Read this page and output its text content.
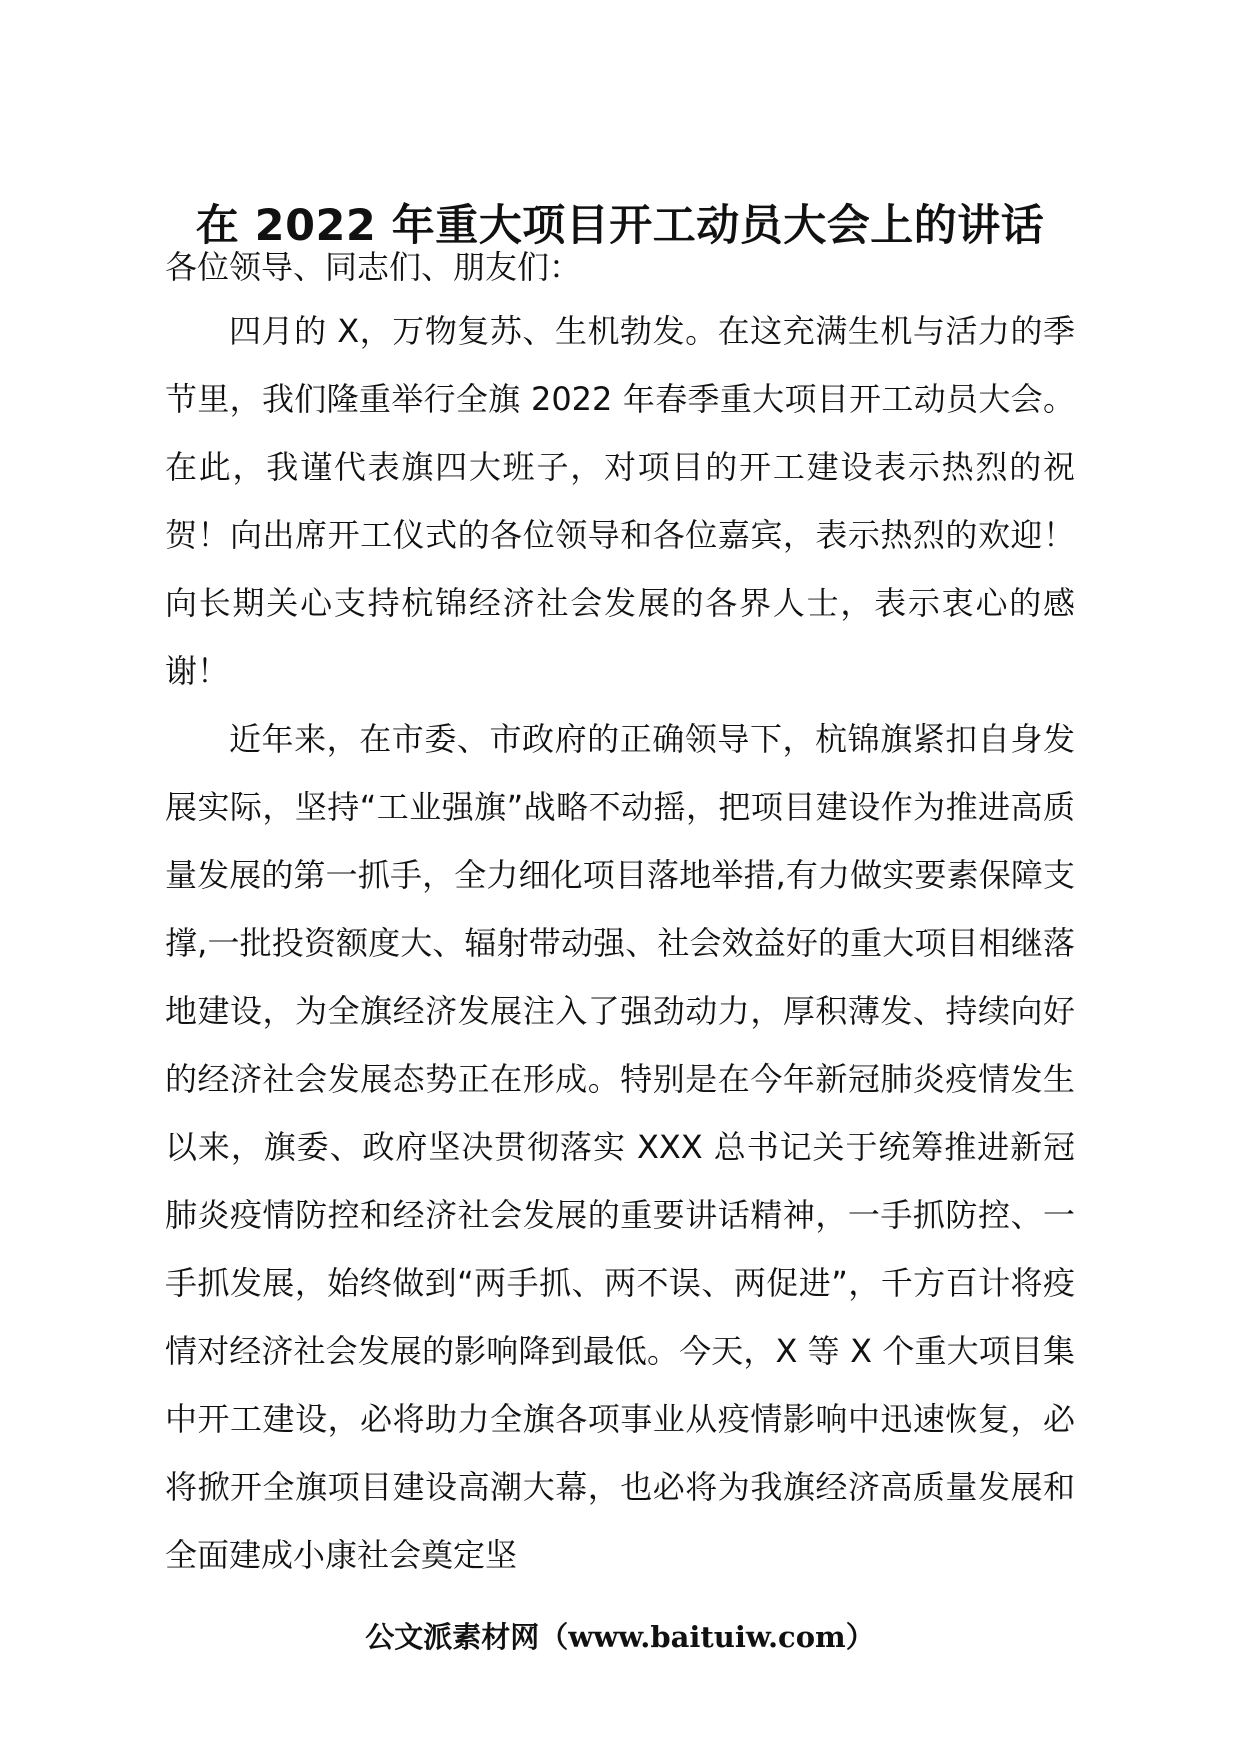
在 2022 年重大项目开工动员大会上的讲话

各位领导、同志们、朋友们：

四月的 X，万物复苏、生机勃发。在这充满生机与活力的季节里，我们隆重举行全旗 2022 年春季重大项目开工动员大会。在此，我谨代表旗四大班子，对项目的开工建设表示热烈的祝贺！向出席开工仪式的各位领导和各位嘉宾，表示热烈的欢迎！向长期关心支持杭锦经济社会发展的各界人士，表示衷心的感谢！

近年来，在市委、市政府的正确领导下，杭锦旗紧扣自身发展实际，坚持“工业强旗”战略不动摇，把项目建设作为推进高质量发展的第一抓手，全力细化项目落地举措,有力做实要素保障支撑,一批投资额度大、辐射带动强、社会效益好的重大项目相继落地建设，为全旗经济发展注入了强劲动力，厚积薄发、持续向好的经济社会发展态势正在形成。特别是在今年新冠肺炎疫情发生以来，旗委、政府坚决贯彻落实 XXX 总书记关于统筹推进新冠肺炎疫情防控和经济社会发展的重要讲话精神，一手抓防控、一手抓发展，始终做到“两手抓、两不误、两促进”，千方百计将疫情对经济社会发展的影响降到最低。今天，X 等 X 个重大项目集中开工建设，必将助力全旗各项事业从疫情影响中迅速恢复，必将掀开全旗项目建设高潮大幕，也必将为我旗经济高质量发展和全面建成小康社会奠定坚

公文派素材网（www.baituiw.com）
